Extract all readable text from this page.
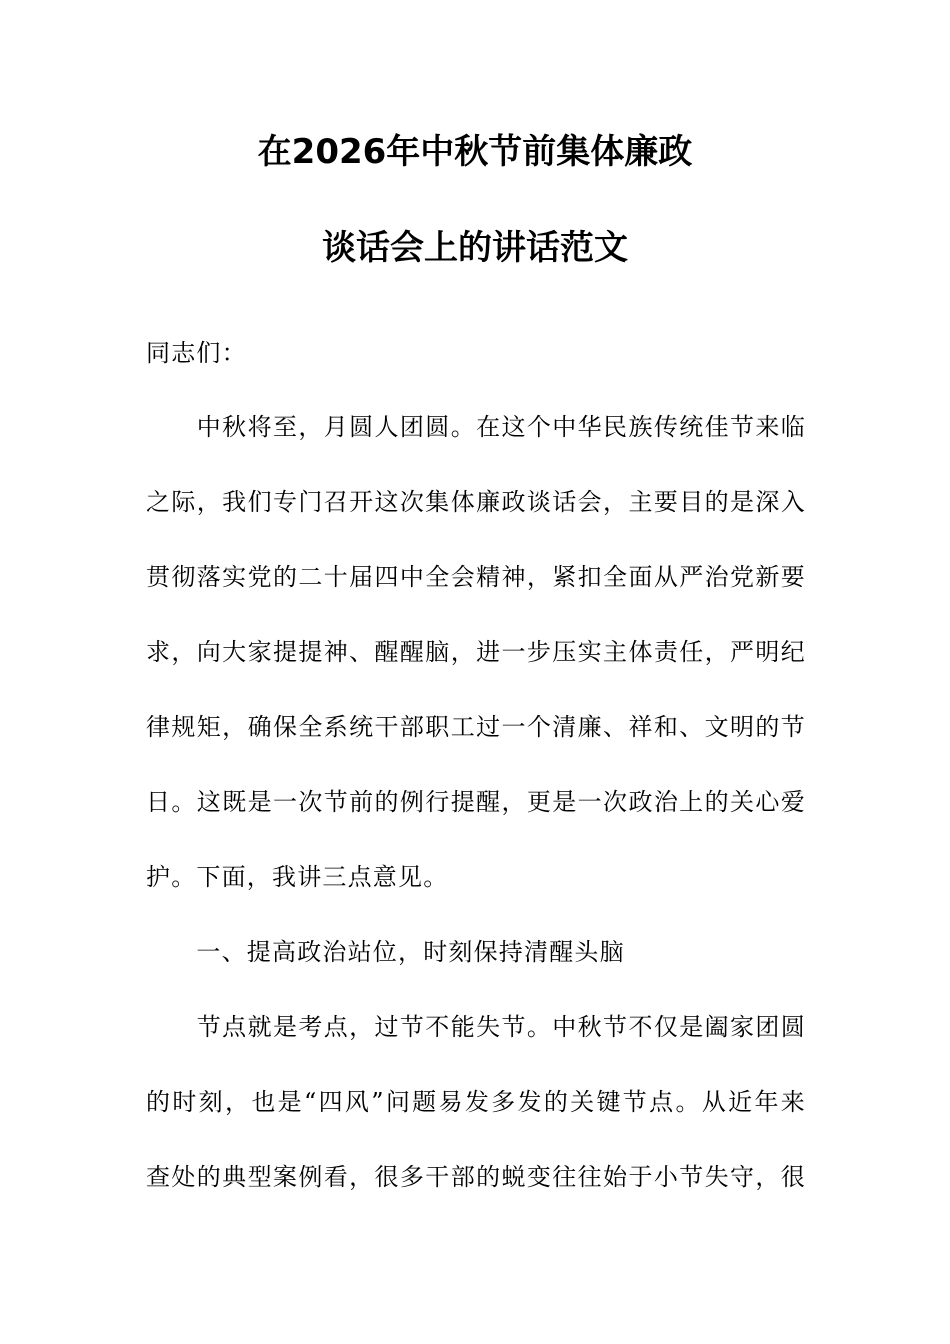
在2026年中秋节前集体廉政
谈话会上的讲话范文
同志们：
　　中秋将至，月圆人团圆。在这个中华民族传统佳节来临
之际，我们专门召开这次集体廉政谈话会，主要目的是深入
贯彻落实党的二十届四中全会精神，紧扣全面从严治党新要
求，向大家提提神、醒醒脑，进一步压实主体责任，严明纪
律规矩，确保全系统干部职工过一个清廉、祥和、文明的节
日。这既是一次节前的例行提醒，更是一次政治上的关心爱
护。下面，我讲三点意见。
　　一、提高政治站位，时刻保持清醒头脑
　　节点就是考点，过节不能失节。中秋节不仅是阖家团圆
的时刻，也是“四风”问题易发多发的关键节点。从近年来
查处的典型案例看，很多干部的蜕变往往始于小节失守，很
